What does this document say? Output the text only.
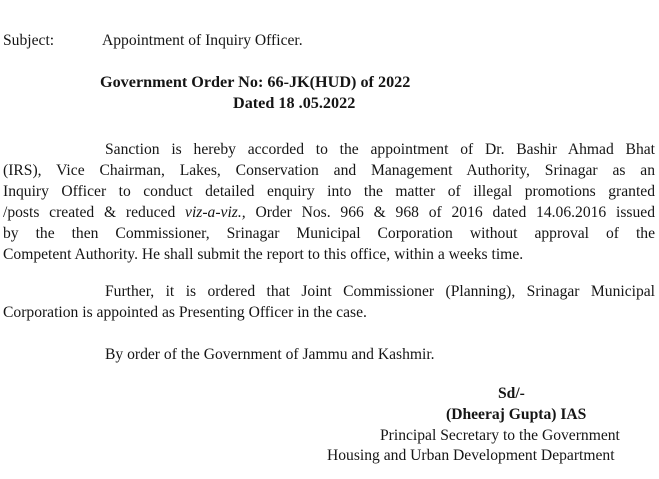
Subject:	Appointment of Inquiry Officer.
Government Order No: 66-JK(HUD) of 2022
Dated 18 .05.2022
Sanction is hereby accorded to the appointment of Dr. Bashir Ahmad Bhat
(IRS), Vice Chairman, Lakes, Conservation and Management Authority, Srinagar as an
Inquiry Officer to conduct detailed enquiry into the matter of illegal promotions granted
/posts created & reduced viz-a-viz., Order Nos. 966 & 968 of 2016 dated 14.06.2016 issued
by the then Commissioner, Srinagar Municipal Corporation without approval of the
Competent Authority. He shall submit the report to this office, within a weeks time.
Further, it is ordered that Joint Commissioner (Planning), Srinagar Municipal
Corporation is appointed as Presenting Officer in the case.
By order of the Government of Jammu and Kashmir.
Sd/-
(Dheeraj Gupta) IAS
Principal Secretary to the Government
Housing and Urban Development Department
